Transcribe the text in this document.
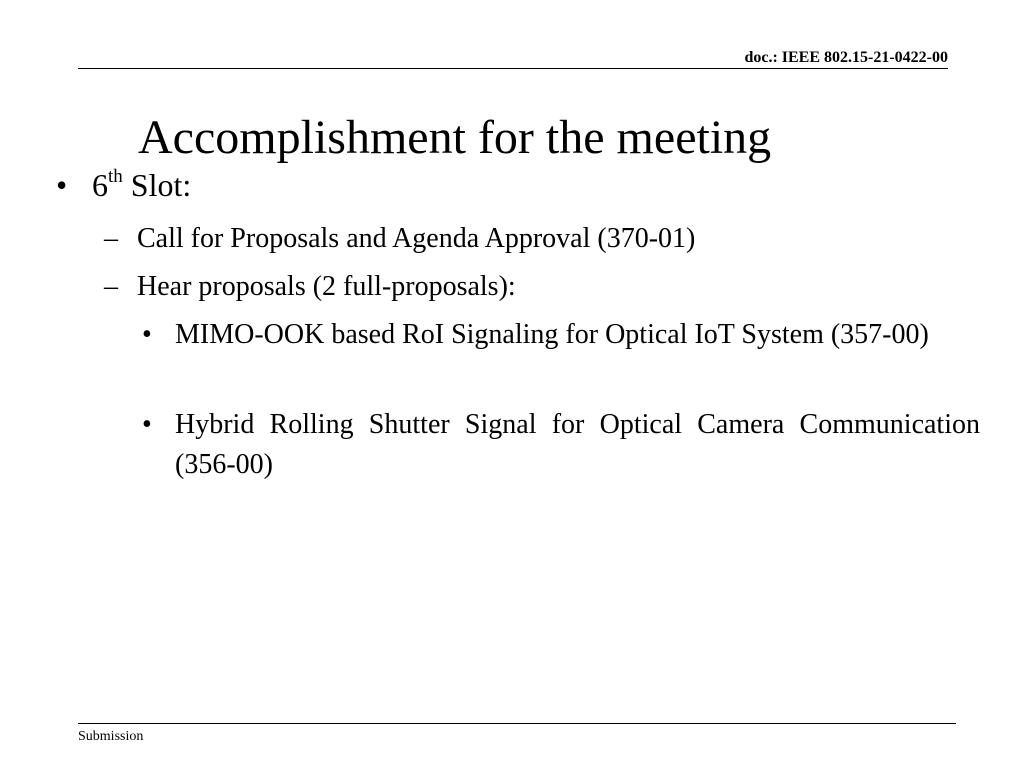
doc.: IEEE 802.15-21-0422-00
Accomplishment for the meeting
• 6th Slot:
– Call for Proposals and Agenda Approval (370-01)
– Hear proposals (2 full-proposals):
• MIMO-OOK based RoI Signaling for Optical IoT System (357-00)
• Hybrid Rolling Shutter Signal for Optical Camera Communication (356-00)
Submission
